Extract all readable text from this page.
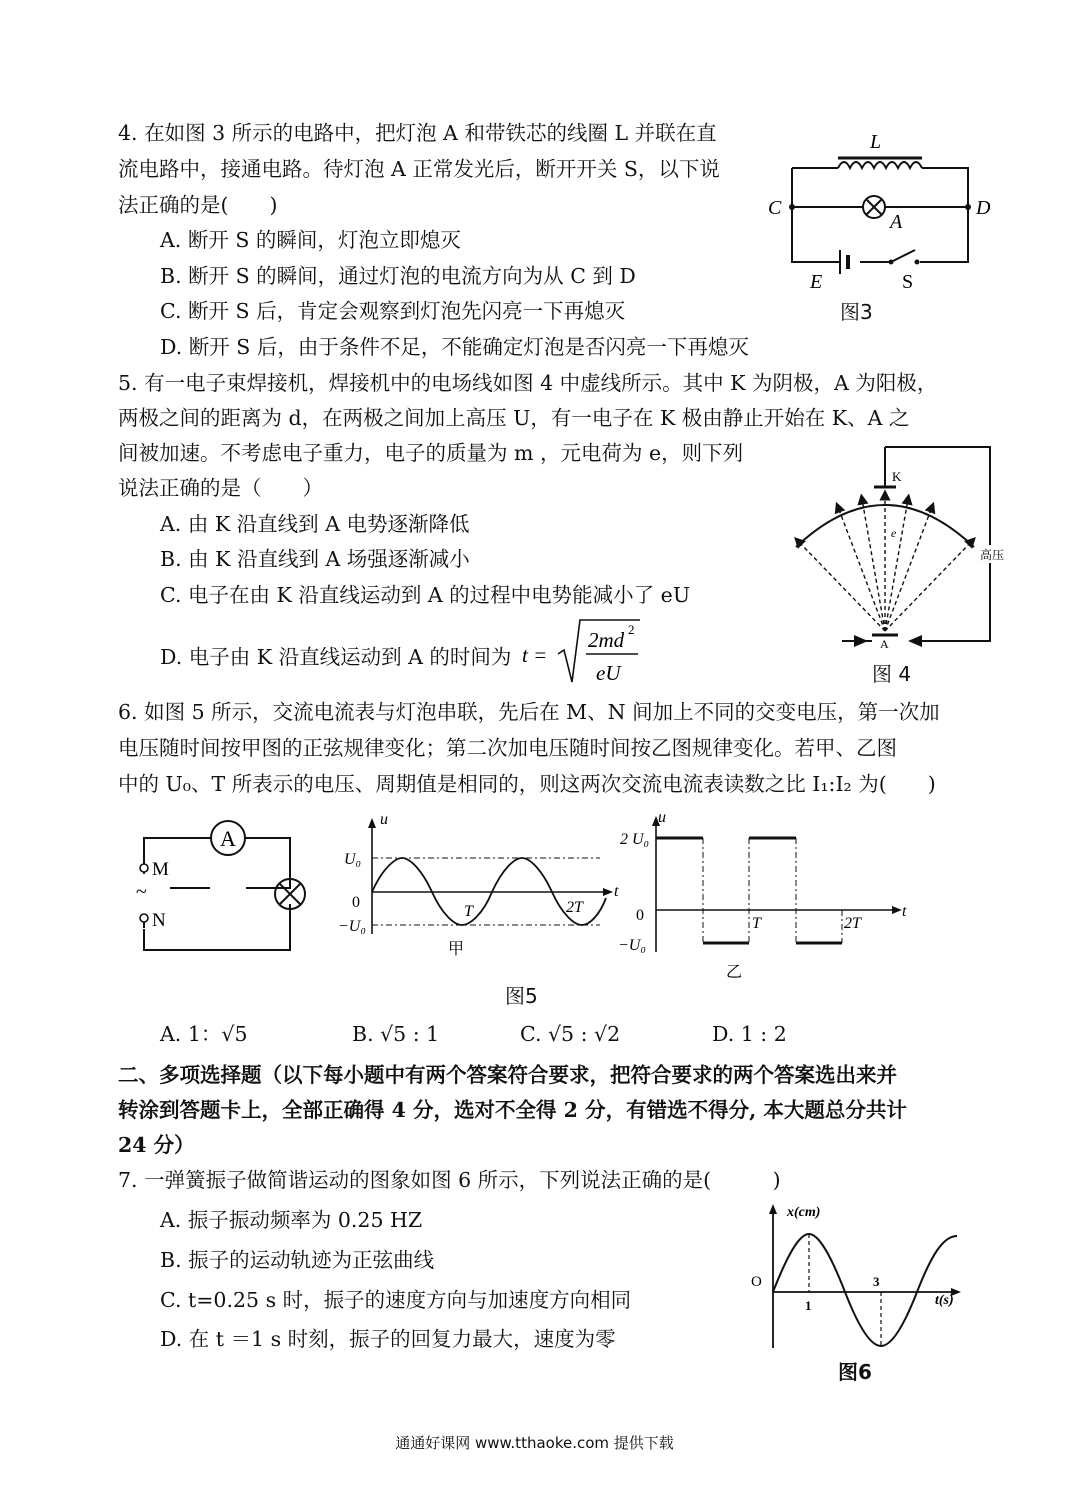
4. 在如图 3 所示的电路中，把灯泡 A 和带铁芯的线圈 L 并联在直
流电路中，接通电路。待灯泡 A 正常发光后，断开开关 S，以下说
法正确的是(　　)
A. 断开 S 的瞬间，灯泡立即熄灭
B. 断开 S 的瞬间，通过灯泡的电流方向为从 C 到 D
C. 断开 S 后，肯定会观察到灯泡先闪亮一下再熄灭
D. 断开 S 后，由于条件不足，不能确定灯泡是否闪亮一下再熄灭
L
C	D
A
E	S
图3
5. 有一电子束焊接机，焊接机中的电场线如图 4 中虚线所示。其中 K 为阴极，A 为阳极，
两极之间的距离为 d，在两极之间加上高压 U，有一电子在 K 极由静止开始在 K、A 之
间被加速。不考虑电子重力，电子的质量为 m ，元电荷为 e，则下列
说法正确的是（　　）
A. 由 K 沿直线到 A 电势逐渐降低
B. 由 K 沿直线到 A 场强逐渐减小
C. 电子在由 K 沿直线运动到 A 的过程中电势能减小了 eU
D. 电子由 K 沿直线运动到 A 的时间为 t =
2md 2
eU
K
e
A
高压
图 4
6. 如图 5 所示，交流电流表与灯泡串联，先后在 M、N 间加上不同的交变电压，第一次加
电压随时间按甲图的正弦规律变化；第二次加电压随时间按乙图规律变化。若甲、乙图
中的 U₀、T 所表示的电压、周期值是相同的，则这两次交流电流表读数之比 I₁:I₂ 为(　　)
A
M
~
N
u
t
U₀
0
−U₀
T	2T
甲
u
t
2 U₀
0
−U₀
T	2T
乙
图5
A. 1：√5	B. √5 : 1	C. √5 : √2	D. 1 : 2
二、多项选择题（以下每小题中有两个答案符合要求，把符合要求的两个答案选出来并
转涂到答题卡上，全部正确得 4 分，选对不全得 2 分，有错选不得分, 本大题总分共计
24 分）
7. 一弹簧振子做简谐运动的图象如图 6 所示，下列说法正确的是(　　　)
A. 振子振动频率为 0.25 HZ
B. 振子的运动轨迹为正弦曲线
C. t=0.25 s 时，振子的速度方向与加速度方向相同
D. 在 t ＝1 s 时刻，振子的回复力最大，速度为零
x(cm)
t(s)
O
1
3
图6
通通好课网 www.tthaoke.com 提供下载
